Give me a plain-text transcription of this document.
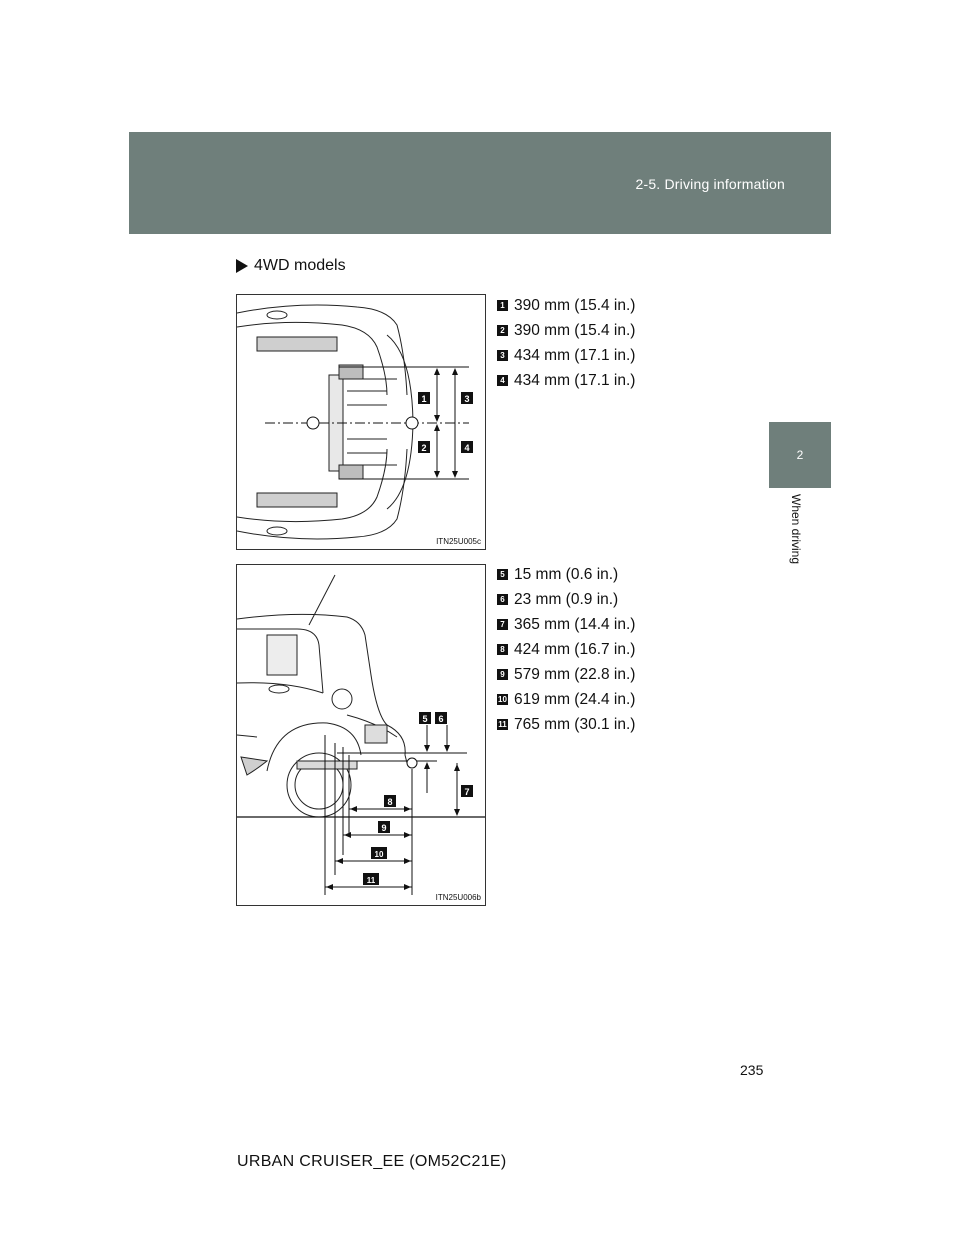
2-5. Driving information
2
When driving
4WD models
1	3
2	4
ITN25U005c
1 390 mm (15.4 in.)
2 390 mm (15.4 in.)
3 434 mm (17.1 in.)
4 434 mm (17.1 in.)
5 6
7
8
9
10
11
ITN25U006b
5 15 mm (0.6 in.)
6 23 mm (0.9 in.)
7 365 mm (14.4 in.)
8 424 mm (16.7 in.)
9 579 mm (22.8 in.)
10 619 mm (24.4 in.)
11 765 mm (30.1 in.)
235
URBAN CRUISER_EE (OM52C21E)
